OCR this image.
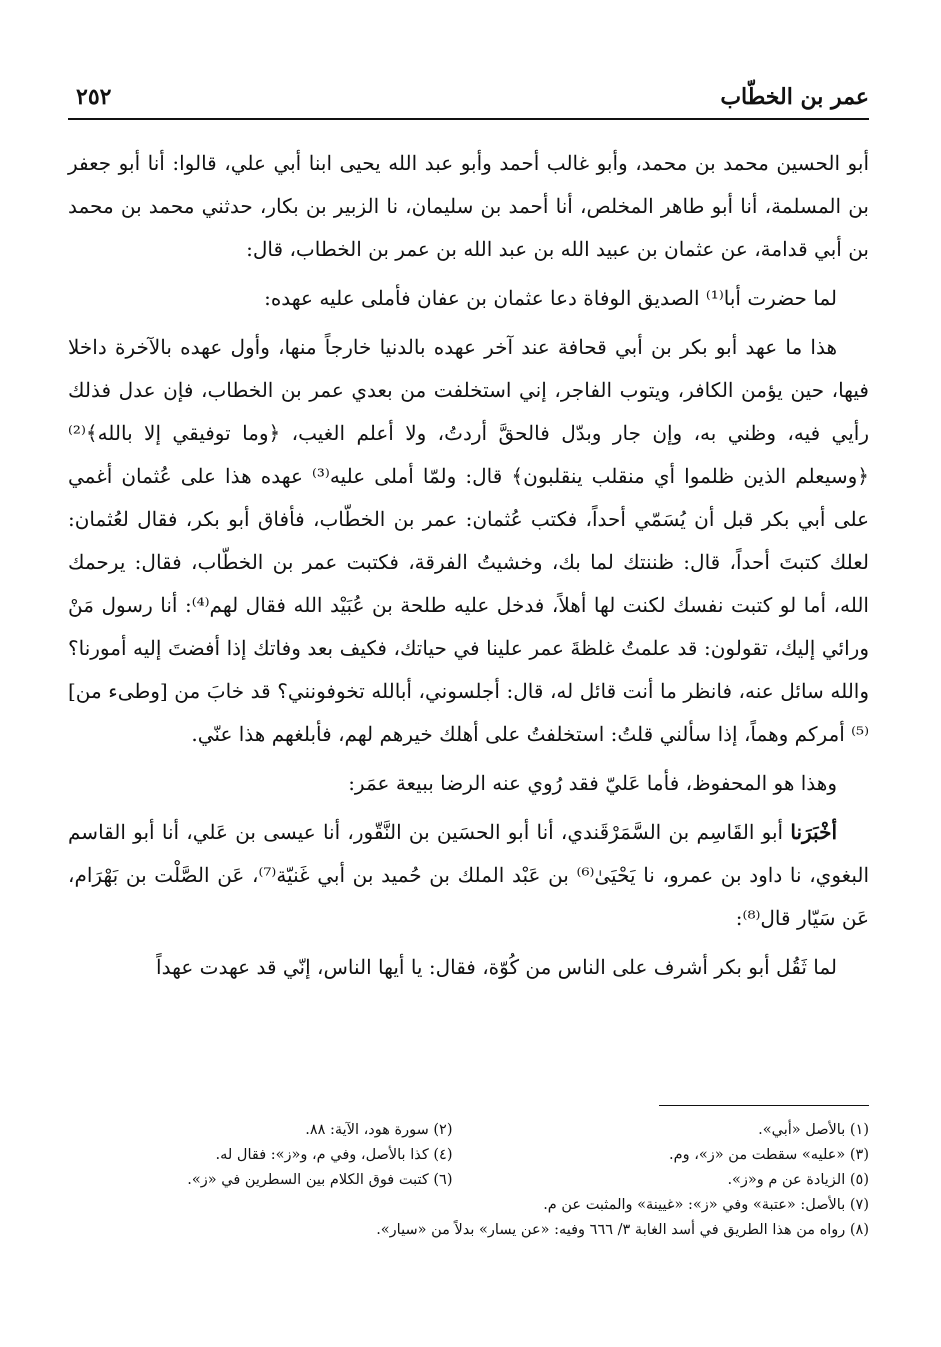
عمر بن الخطّاب
٢٥٢

أبو الحسين محمد بن محمد، وأبو غالب أحمد وأبو عبد الله يحيى ابنا أبي علي، قالوا: أنا أبو جعفر بن المسلمة، أنا أبو طاهر المخلص، أنا أحمد بن سليمان، نا الزبير بن بكار، حدثني محمد بن محمد بن أبي قدامة، عن عثمان بن عبيد الله بن عبد الله بن عمر بن الخطاب، قال:

لما حضرت أبا⁽¹⁾ الصديق الوفاة دعا عثمان بن عفان فأملى عليه عهده:

هذا ما عهد أبو بكر بن أبي قحافة عند آخر عهده بالدنيا خارجاً منها، وأول عهده بالآخرة داخلا فيها، حين يؤمن الكافر، ويتوب الفاجر، إني استخلفت من بعدي عمر بن الخطاب، فإن عدل فذلك رأيي فيه، وظني به، وإن جار وبدّل فالحقَّ أردتُ، ولا أعلم الغيب، ﴿وما توفيقي إلا بالله﴾⁽²⁾ ﴿وسيعلم الذين ظلموا أي منقلب ينقلبون﴾ قال: ولمّا أملى عليه⁽³⁾ عهده هذا على عُثمان أغمي على أبي بكر قبل أن يُسَمّي أحداً، فكتب عُثمان: عمر بن الخطّاب، فأفاق أبو بكر، فقال لعُثمان: لعلك كتبتَ أحداً، قال: ظننتك لما بك، وخشيتُ الفرقة، فكتبت عمر بن الخطّاب، فقال: يرحمك الله، أما لو كتبت نفسك لكنت لها أهلاً، فدخل عليه طلحة بن عُبَيْد الله فقال لهم⁽⁴⁾: أنا رسول مَنْ ورائي إليك، تقولون: قد علمتُ غلظةَ عمر علينا في حياتك، فكيف بعد وفاتك إذا أفضتَ إليه أمورنا؟ والله سائل عنه، فانظر ما أنت قائل له، قال: أجلسوني، أبالله تخوفونني؟ قد خابَ من [وطىء من]⁽⁵⁾ أمركم وهماً، إذا سألني قلتُ: استخلفتُ على أهلك خيرهم لهم، فأبلغهم هذا عنّي.

وهذا هو المحفوظ، فأما عَليّ فقد رُوي عنه الرضا ببيعة عمَر:

أخْبَرَنا أبو القَاسِم بن السَّمَرْقَندي، أنا أبو الحسَين بن النَّقّور، أنا عيسى بن عَلي، أنا أبو القاسم البغوي، نا داود بن عمرو، نا يَحْيَىٰ⁽⁶⁾ بن عَبْد الملك بن حُميد بن أبي غَنيّة⁽⁷⁾، عَن الصَّلْت بن بَهْرَام، عَن سَيّار قال⁽⁸⁾:

لما ثَقُل أبو بكر أشرف على الناس من كُوّة، فقال: يا أيها الناس، إنّي قد عهدت عهداً

(١) بالأصل «أبي».
(٢) سورة هود، الآية: ٨٨.
(٣) «عليه» سقطت من «ز»، وم.
(٤) كذا بالأصل، وفي م، و«ز»: فقال له.
(٥) الزيادة عن م و«ز».
(٦) كتبت فوق الكلام بين السطرين في «ز».
(٧) بالأصل: «عتبة» وفي «ز»: «غيينة» والمثبت عن م.
(٨) رواه من هذا الطريق في أسد الغابة ٣/ ٦٦٦ وفيه: «عن يسار» بدلاً من «سيار».
